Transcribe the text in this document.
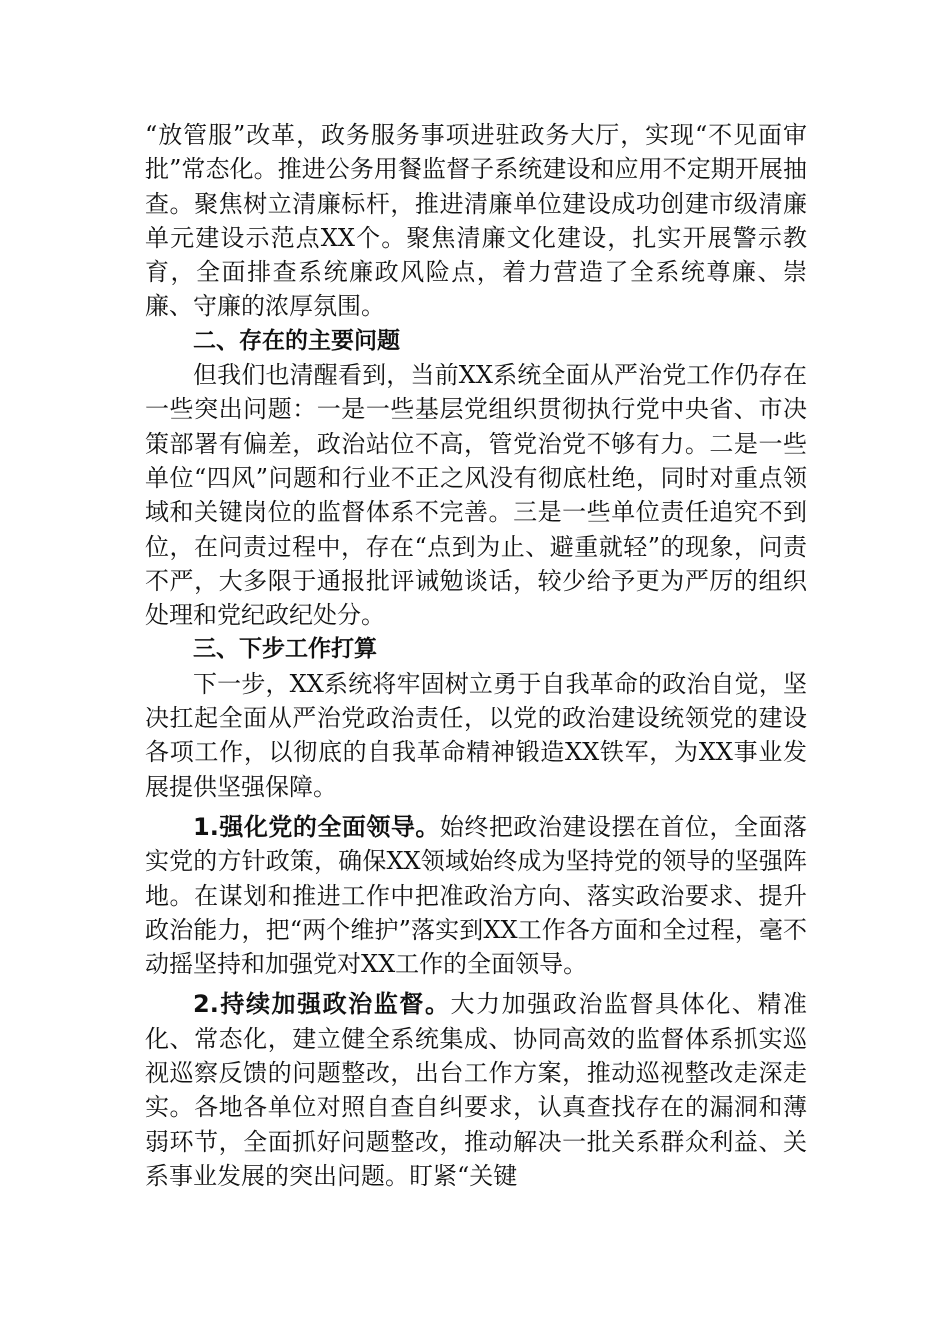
“放管服”改革，政务服务事项进驻政务大厅，实现“不见面审批”常态化。推进公务用餐监督子系统建设和应用不定期开展抽查。聚焦树立清廉标杆，推进清廉单位建设成功创建市级清廉单元建设示范点XX个。聚焦清廉文化建设，扎实开展警示教育，全面排查系统廉政风险点，着力营造了全系统尊廉、崇廉、守廉的浓厚氛围。

二、存在的主要问题

但我们也清醒看到，当前XX系统全面从严治党工作仍存在一些突出问题：一是一些基层党组织贯彻执行党中央省、市决策部署有偏差，政治站位不高，管党治党不够有力。二是一些单位“四风”问题和行业不正之风没有彻底杜绝，同时对重点领域和关键岗位的监督体系不完善。三是一些单位责任追究不到位，在问责过程中，存在“点到为止、避重就轻”的现象，问责不严，大多限于通报批评诫勉谈话，较少给予更为严厉的组织处理和党纪政纪处分。

三、下步工作打算

下一步，XX系统将牢固树立勇于自我革命的政治自觉，坚决扛起全面从严治党政治责任，以党的政治建设统领党的建设各项工作，以彻底的自我革命精神锻造XX铁军，为XX事业发展提供坚强保障。

1.强化党的全面领导。始终把政治建设摆在首位，全面落实党的方针政策，确保XX领域始终成为坚持党的领导的坚强阵地。在谋划和推进工作中把准政治方向、落实政治要求、提升政治能力，把“两个维护”落实到XX工作各方面和全过程，毫不动摇坚持和加强党对XX工作的全面领导。

2.持续加强政治监督。大力加强政治监督具体化、精准化、常态化，建立健全系统集成、协同高效的监督体系抓实巡视巡察反馈的问题整改，出台工作方案，推动巡视整改走深走实。各地各单位对照自查自纠要求，认真查找存在的漏洞和薄弱环节，全面抓好问题整改，推动解决一批关系群众利益、关系事业发展的突出问题。盯紧“关键
